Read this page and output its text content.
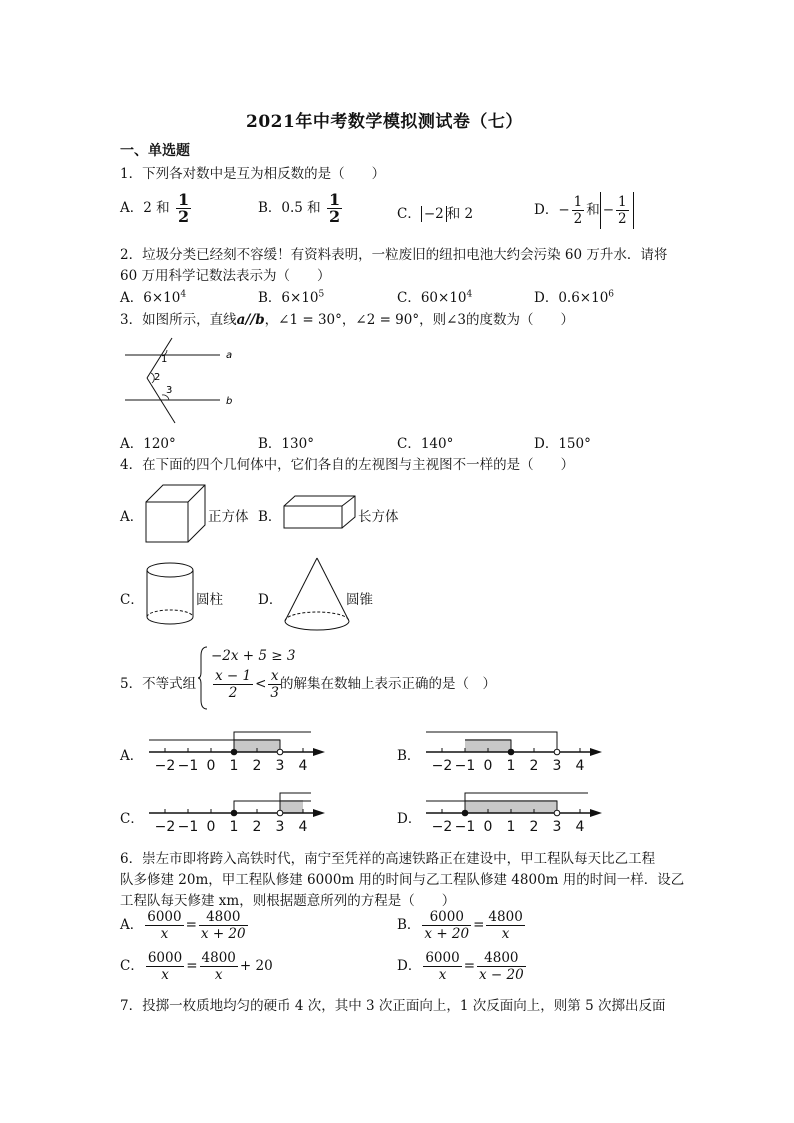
2021年中考数学模拟测试卷（七）
一、单选题
1．下列各对数中是互为相反数的是（　　）
A．2 和 $\frac{1}{2}$	B．0.5 和 $\frac{1}{2}$	C． −2 和 2	D．− $\frac{1}{2}$ 和 − $\frac{1}{2}$
2．垃圾分类已经刻不容缓！有资料表明，一粒废旧的纽扣电池大约会污染 60 万升水．请将
60 万用科学记数法表示为（　　）
A．$6\times 10^4$	B．$6\times 10^5$	C．$60\times 10^4$	D．$0.6\times 10^6$
3．如图所示，直线a//b，∠1 = 30°，∠2 = 90°，则∠3的度数为（　　）
a
b
1
2
3
A．120°	B．130°	C．140°	D．150°
4．在下面的四个几何体中，它们各自的左视图与主视图不一样的是（　　）
A．	正方体 B．	长方体
C．	圆柱	D．	圆锥
5．不等式组
−2x + 5 ≥ 3
$\frac{x - 1}{2} < \frac{x}{3}$
的解集在数轴上表示正确的是（　）
A．	B．
C．	D．
−2 −1 0 1 2 3 4	−2 −1 0 1 2 3 4
−2 −1 0 1 2 3 4	−2 −1 0 1 2 3 4
6．崇左市即将跨入高铁时代，南宁至凭祥的高速铁路正在建设中，甲工程队每天比乙工程
队多修建 20m，甲工程队修建 6000m 用的时间与乙工程队修建 4800m 用的时间一样．设乙
工程队每天修建 xm，则根据题意所列的方程是（　　）
A． $\frac{6000}{x} = \frac{4800}{x + 20}$	B． $\frac{6000}{x + 20} = \frac{4800}{x}$
C． $\frac{6000}{x} = \frac{4800}{x} + 20$	D． $\frac{6000}{x} = \frac{4800}{x - 20}$
7．投掷一枚质地均匀的硬币 4 次，其中 3 次正面向上，1 次反面向上，则第 5 次掷出反面
